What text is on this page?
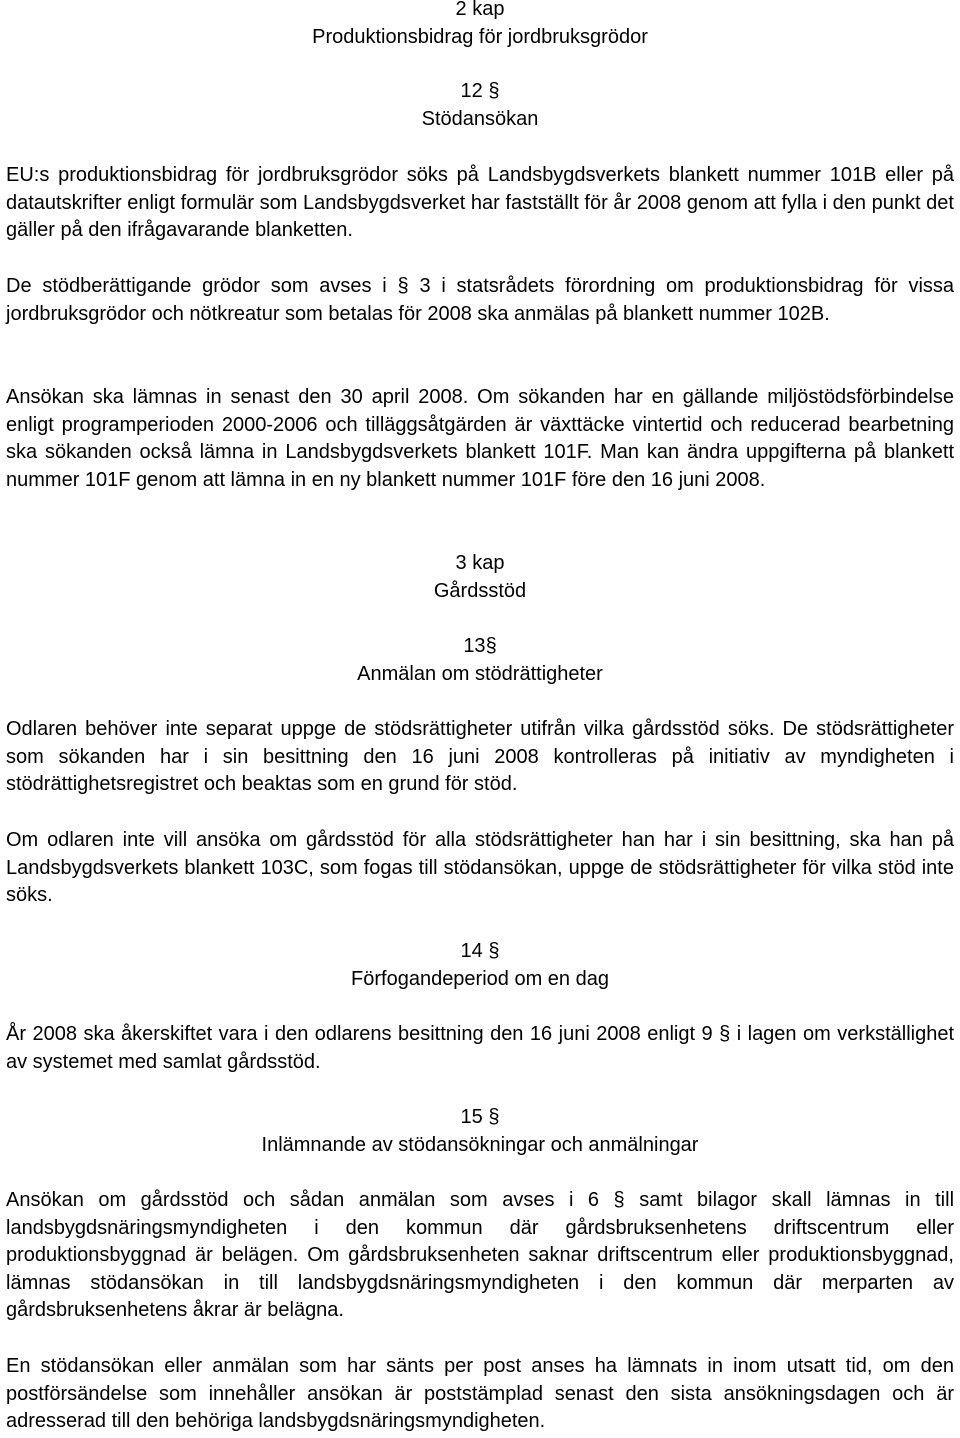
2 kap
Produktionsbidrag för jordbruksgrödor
12 §
Stödansökan

EU:s produktionsbidrag för jordbruksgrödor söks på Landsbygdsverkets blankett nummer 101B eller på datautskrifter enligt formulär som Landsbygdsverket har fastställt för år 2008 genom att fylla i den punkt det gäller på den ifrågavarande blanketten.

De stödberättigande grödor som avses i § 3 i statsrådets förordning om produktionsbidrag för vissa jordbruksgrödor och nötkreatur som betalas för 2008 ska anmälas på blankett nummer 102B.

Ansökan ska lämnas in senast den 30 april 2008. Om sökanden har en gällande miljöstödsförbindelse enligt programperioden 2000-2006 och tilläggsåtgärden är växttäcke vintertid och reducerad bearbetning ska sökanden också lämna in Landsbygdsverkets blankett 101F. Man kan ändra uppgifterna på blankett nummer 101F genom att lämna in en ny blankett nummer 101F före den 16 juni 2008.

3 kap
Gårdsstöd
13§
Anmälan om stödrättigheter

Odlaren behöver inte separat uppge de stödsrättigheter utifrån vilka gårdsstöd söks. De stödsrättigheter som sökanden har i sin besittning den 16 juni 2008 kontrolleras på initiativ av myndigheten i stödrättighetsregistret och beaktas som en grund för stöd.

Om odlaren inte vill ansöka om gårdsstöd för alla stödsrättigheter han har i sin besittning, ska han på Landsbygdsverkets blankett 103C, som fogas till stödansökan, uppge de stödsrättigheter för vilka stöd inte söks.

14 §
Förfogandeperiod om en dag

År 2008 ska åkerskiftet vara i den odlarens besittning den 16 juni 2008 enligt 9 § i lagen om verkställighet av systemet med samlat gårdsstöd.

15 §
Inlämnande av stödansökningar och anmälningar

Ansökan om gårdsstöd och sådan anmälan som avses i 6 § samt bilagor skall lämnas in till landsbygdsnäringsmyndigheten i den kommun där gårdsbruksenhetens driftscentrum eller produktionsbyggnad är belägen. Om gårdsbruksenheten saknar driftscentrum eller produktionsbyggnad, lämnas stödansökan in till landsbygdsnäringsmyndigheten i den kommun där merparten av gårdsbruksenhetens åkrar är belägna.

En stödansökan eller anmälan som har sänts per post anses ha lämnats in inom utsatt tid, om den postförsändelse som innehåller ansökan är poststämplad senast den sista ansökningsdagen och är adresserad till den behöriga landsbygdsnäringsmyndigheten.
